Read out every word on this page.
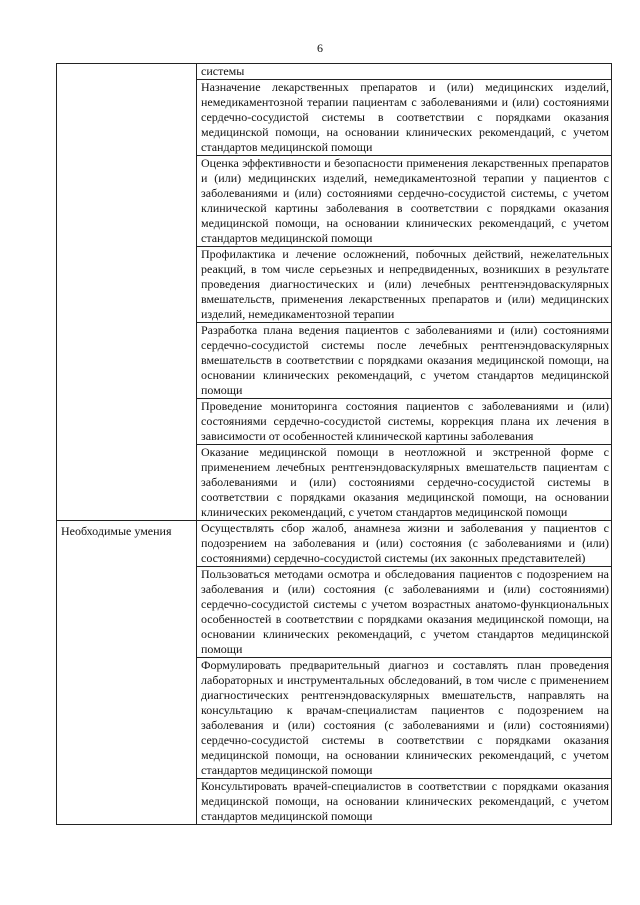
6
	системы
	Назначение лекарственных препаратов и (или) медицинских изделий, немедикаментозной терапии пациентам с заболеваниями и (или) состояниями сердечно-сосудистой системы в соответствии с порядками оказания медицинской помощи, на основании клинических рекомендаций, с учетом стандартов медицинской помощи
	Оценка эффективности и безопасности применения лекарственных препаратов и (или) медицинских изделий, немедикаментозной терапии у пациентов с заболеваниями и (или) состояниями сердечно-сосудистой системы, с учетом клинической картины заболевания в соответствии с порядками оказания медицинской помощи, на основании клинических рекомендаций, с учетом стандартов медицинской помощи
	Профилактика и лечение осложнений, побочных действий, нежелательных реакций, в том числе серьезных и непредвиденных, возникших в результате проведения диагностических и (или) лечебных рентгенэндоваскулярных вмешательств, применения лекарственных препаратов и (или) медицинских изделий, немедикаментозной терапии
	Разработка плана ведения пациентов с заболеваниями и (или) состояниями сердечно-сосудистой системы после лечебных рентгенэндоваскулярных вмешательств в соответствии с порядками оказания медицинской помощи, на основании клинических рекомендаций, с учетом стандартов медицинской помощи
	Проведение мониторинга состояния пациентов с заболеваниями и (или) состояниями сердечно-сосудистой системы, коррекция плана их лечения в зависимости от особенностей клинической картины заболевания
	Оказание медицинской помощи в неотложной и экстренной форме с применением лечебных рентгенэндоваскулярных вмешательств пациентам с заболеваниями и (или) состояниями сердечно-сосудистой системы в соответствии с порядками оказания медицинской помощи, на основании клинических рекомендаций, с учетом стандартов медицинской помощи

Необходимые умения	Осуществлять сбор жалоб, анамнеза жизни и заболевания у пациентов с подозрением на заболевания и (или) состояния (с заболеваниями и (или) состояниями) сердечно-сосудистой системы (их законных представителей)
	Пользоваться методами осмотра и обследования пациентов с подозрением на заболевания и (или) состояния (с заболеваниями и (или) состояниями) сердечно-сосудистой системы с учетом возрастных анатомо-функциональных особенностей в соответствии с порядками оказания медицинской помощи, на основании клинических рекомендаций, с учетом стандартов медицинской помощи
	Формулировать предварительный диагноз и составлять план проведения лабораторных и инструментальных обследований, в том числе с применением диагностических рентгенэндоваскулярных вмешательств, направлять на консультацию к врачам-специалистам пациентов с подозрением на заболевания и (или) состояния (с заболеваниями и (или) состояниями) сердечно-сосудистой системы в соответствии с порядками оказания медицинской помощи, на основании клинических рекомендаций, с учетом стандартов медицинской помощи
	Консультировать врачей-специалистов в соответствии с порядками оказания медицинской помощи, на основании клинических рекомендаций, с учетом стандартов медицинской помощи
